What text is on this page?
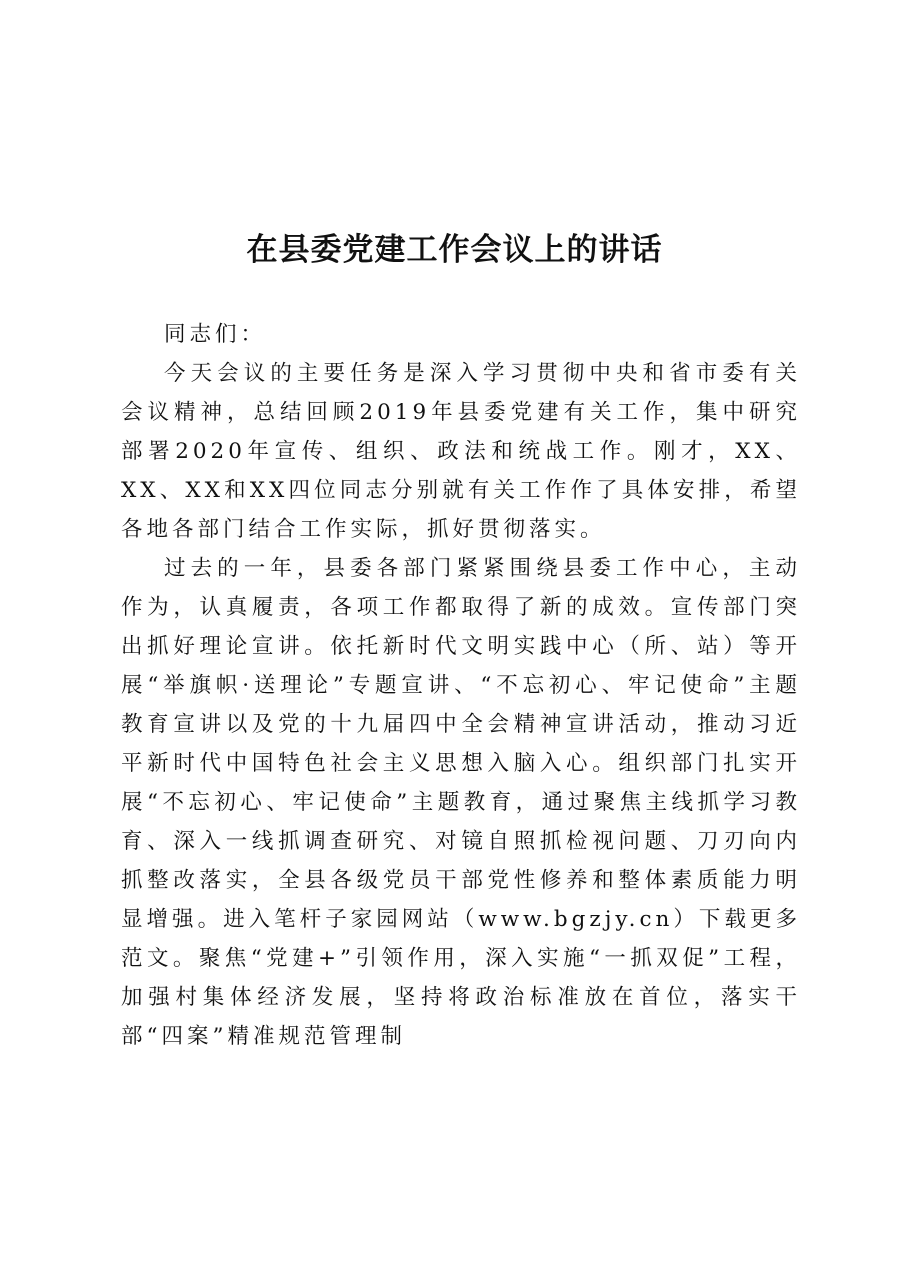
在县委党建工作会议上的讲话

同志们：

今天会议的主要任务是深入学习贯彻中央和省市委有关会议精神，总结回顾2019年县委党建有关工作，集中研究部署2020年宣传、组织、政法和统战工作。刚才，XX、XX、XX和XX四位同志分别就有关工作作了具体安排，希望各地各部门结合工作实际，抓好贯彻落实。

过去的一年，县委各部门紧紧围绕县委工作中心，主动作为，认真履责，各项工作都取得了新的成效。宣传部门突出抓好理论宣讲。依托新时代文明实践中心（所、站）等开展“举旗帜·送理论”专题宣讲、“不忘初心、牢记使命”主题教育宣讲以及党的十九届四中全会精神宣讲活动，推动习近平新时代中国特色社会主义思想入脑入心。组织部门扎实开展“不忘初心、牢记使命”主题教育，通过聚焦主线抓学习教育、深入一线抓调查研究、对镜自照抓检视问题、刀刃向内抓整改落实，全县各级党员干部党性修养和整体素质能力明显增强。进入笔杆子家园网站（www.bgzjy.cn）下载更多范文。聚焦“党建+”引领作用，深入实施“一抓双促”工程，加强村集体经济发展，坚持将政治标准放在首位，落实干部“四案”精准规范管理制
